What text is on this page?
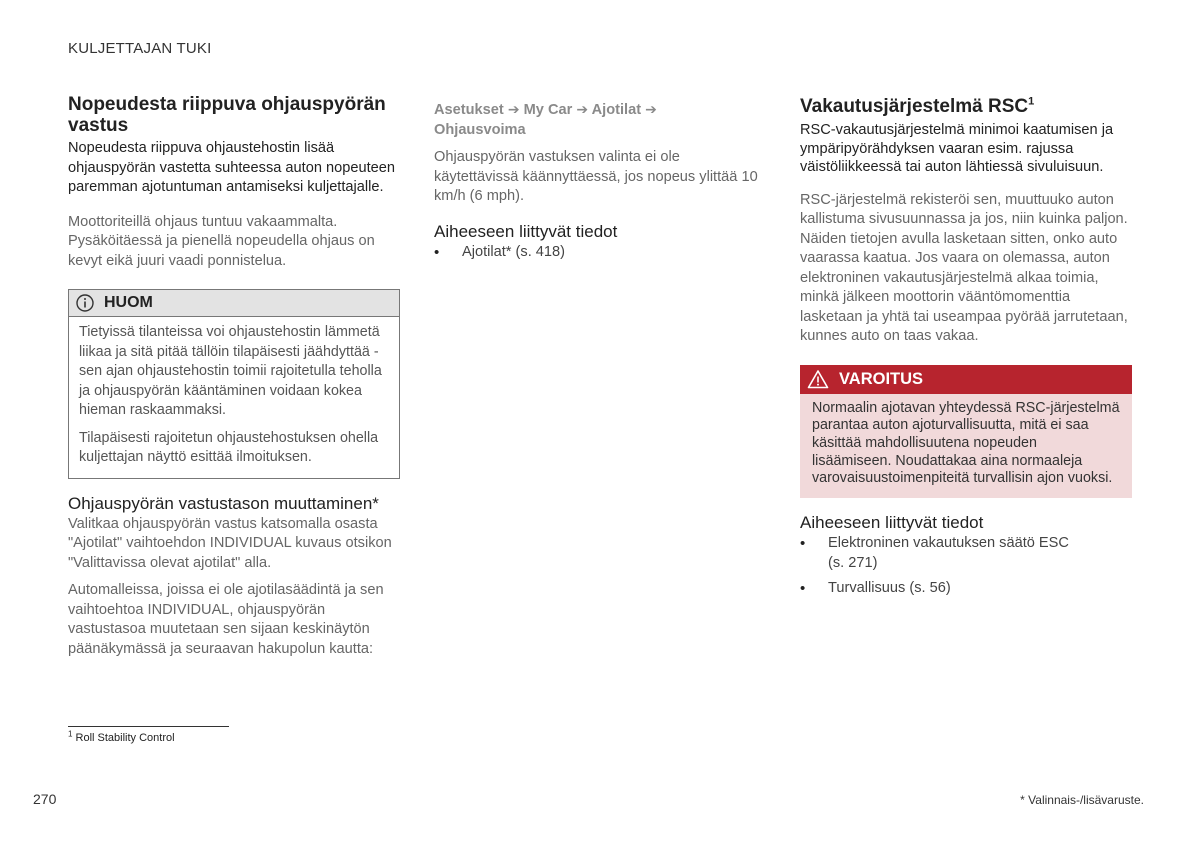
KULJETTAJAN TUKI
Nopeudesta riippuva ohjauspyörän vastus

Nopeudesta riippuva ohjaustehostin lisää ohjauspyörän vastetta suhteessa auton nopeuteen paremman ajotuntuman antamiseksi kuljettajalle.

Moottoriteillä ohjaus tuntuu vakaammalta. Pysäköitäessä ja pienellä nopeudella ohjaus on kevyt eikä juuri vaadi ponnistelua.

HUOM

Tietyissä tilanteissa voi ohjaustehostin lämmetä liikaa ja sitä pitää tällöin tilapäisesti jäähdyttää - sen ajan ohjaustehostin toimii rajoitetulla teholla ja ohjauspyörän kääntäminen voidaan kokea hieman raskaammaksi.

Tilapäisesti rajoitetun ohjaustehostuksen ohella kuljettajan näyttö esittää ilmoituksen.

Ohjauspyörän vastustason muuttaminen*

Valitkaa ohjauspyörän vastus katsomalla osasta "Ajotilat" vaihtoehdon INDIVIDUAL kuvaus otsikon "Valittavissa olevat ajotilat" alla.

Automalleissa, joissa ei ole ajotilasäädintä ja sen vaihtoehtoa INDIVIDUAL, ohjauspyörän vastustasoa muutetaan sen sijaan keskinäytön päänäkymässä ja seuraavan hakupolun kautta:

Asetukset ➔ My Car ➔ Ajotilat ➔
Ohjausvoima

Ohjauspyörän vastuksen valinta ei ole käytettävissä käännyttäessä, jos nopeus ylittää 10 km/h (6 mph).

Aiheeseen liittyvät tiedot
• Ajotilat* (s. 418)
Vakautusjärjestelmä RSC$^1$

RSC-vakautusjärjestelmä minimoi kaatumisen ja ympäripyörähdyksen vaaran esim. rajussa väistöliikkeessä tai auton lähtiessä sivuluisuun.

RSC-järjestelmä rekisteröi sen, muuttuuko auton kallistuma sivusuunnassa ja jos, niin kuinka paljon. Näiden tietojen avulla lasketaan sitten, onko auto vaarassa kaatua. Jos vaara on olemassa, auton elektroninen vakautusjärjestelmä alkaa toimia, minkä jälkeen moottorin vääntömomenttia lasketaan ja yhtä tai useampaa pyörää jarrutetaan, kunnes auto on taas vakaa.

VAROITUS

Normaalin ajotavan yhteydessä RSC-järjestelmä parantaa auton ajoturvallisuutta, mitä ei saa käsittää mahdollisuutena nopeuden lisäämiseen. Noudattakaa aina normaaleja varovaisuustoimenpiteitä turvallisin ajon vuoksi.

Aiheeseen liittyvät tiedot
• Elektroninen vakautuksen säätö ESC (s. 271)
• Turvallisuus (s. 56)
$^1$ Roll Stability Control
270	* Valinnais-/lisävaruste.
